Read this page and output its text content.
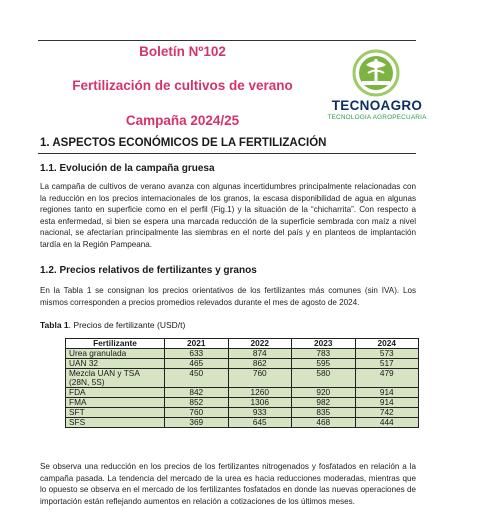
Boletín Nº102
Fertilización de cultivos de verano
Campaña 2024/25
TECNOAGRO
TECNOLOGIA AGROPECUARIA
1. ASPECTOS ECONÓMICOS DE LA FERTILIZACIÓN
1.1. Evolución de la campaña gruesa
La campaña de cultivos de verano avanza con algunas incertidumbres principalmente relacionadas con la reducción en los precios internacionales de los granos, la escasa disponibilidad de agua en algunas regiones tanto en superficie como en el perfil (Fig.1) y la situación de la “chicharrita”. Con respecto a esta enfermedad, si bien se espera una marcada reducción de la superficie sembrada con maíz a nivel nacional, se afectarían principalmente las siembras en el norte del país y en planteos de implantación tardía en la Región Pampeana.
1.2. Precios relativos de fertilizantes y granos
En la Tabla 1 se consignan los precios orientativos de los fertilizantes más comunes (sin IVA). Los mismos corresponden a precios promedios relevados durante el mes de agosto de 2024.
Tabla 1. Precios de fertilizante (USD/t)
Fertilizante	2021	2022	2023	2024
Urea granulada	633	874	783	573
UAN 32	465	862	595	517
Mezcla UAN y TSA (28N, 5S)	450	760	580	479
FDA	842	1260	920	914
FMA	852	1306	982	914
SFT	760	933	835	742
SFS	369	645	468	444
Se observa una reducción en los precios de los fertilizantes nitrogenados y fosfatados en relación a la campaña pasada. La tendencia del mercado de la urea es hacia reducciones moderadas, mientras que lo opuesto se observa en el mercado de los fertilizantes fosfatados en donde las nuevas operaciones de importación están reflejando aumentos en relación a cotizaciones de los últimos meses.
